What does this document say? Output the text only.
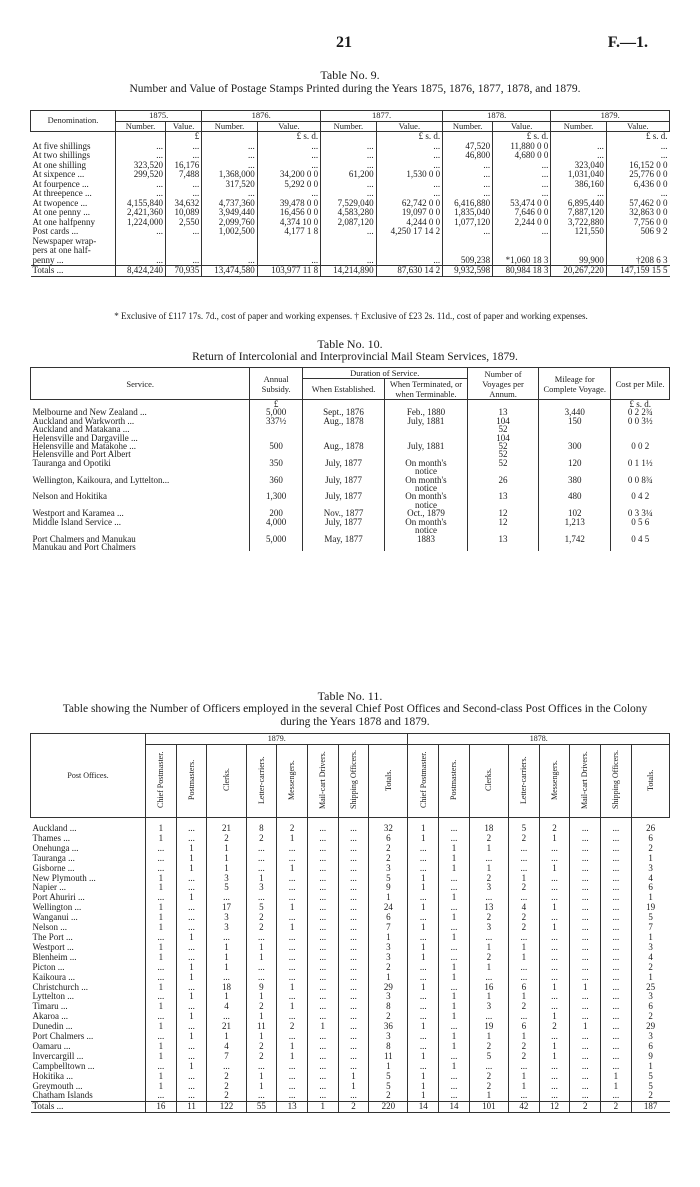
21	F.—1.
Table No. 9.
Number and Value of Postage Stamps Printed during the Years 1875, 1876, 1877, 1878, and 1879.
Denomination.	1875.		1876.		1877.		1878.		1879.	
	Number.	Value.	Number.	Value.	Number.	Value.	Number.	Value.	Number.	Value.
		£		£ s. d.		£ s. d.		£ s. d.		£ s. d.
At five shillings	...	...	...	...	...	...	47,520	11,880 0 0	...	...
At two shillings	...	...	...	...	...	...	46,800	4,680 0 0	...	...
At one shilling	323,520	16,176	...	...	...	...	...	...	323,040	16,152 0 0
At sixpence ...	299,520	7,488	1,368,000	34,200 0 0	61,200	1,530 0 0	...	...	1,031,040	25,776 0 0
At fourpence ...	...	...	317,520	5,292 0 0	...	...	...	...	386,160	6,436 0 0
At threepence ...	...	...	...	...	...	...	...	...	...	...
At twopence ...	4,155,840	34,632	4,737,360	39,478 0 0	7,529,040	62,742 0 0	6,416,880	53,474 0 0	6,895,440	57,462 0 0
At one penny ...	2,421,360	10,089	3,949,440	16,456 0 0	4,583,280	19,097 0 0	1,835,040	7,646 0 0	7,887,120	32,863 0 0
At one halfpenny	1,224,000	2,550	2,099,760	4,374 10 0	2,087,120	4,244 0 0	1,077,120	2,244 0 0	3,722,880	7,756 0 0
Post cards ...	...	...	1,002,500	4,177 1 8	...	4,250 17 14 2	...	...	121,550	506 9 2
Newspaper wrap-										
pers at one half-										
penny ...	...	...	...	...	...	...	509,238	*1,060 18 3	99,900	†208 6 3
Totals ...	8,424,240	70,935	13,474,580	103,977 11 8	14,214,890	87,630 14 2	9,932,598	80,984 18 3	20,267,220	147,159 15 5
* Exclusive of £117 17s. 7d., cost of paper and working expenses. † Exclusive of £23 2s. 11d., cost of paper and working expenses.
Table No. 10.
Return of Intercolonial and Interprovincial Mail Steam Services, 1879.
Service.	Annual Subsidy.	Duration of Service.		Number of Voyages per Annum.	Mileage for Complete Voyage.	Cost per Mile.
		When Established.	When Terminated, or when Terminable.			
	£					£ s. d.
Melbourne and New Zealand ...	5,000	Sept., 1876	Feb., 1880	13	3,440	0 2 2¾
Auckland and Warkworth ...	337½	Aug., 1878	July, 1881	104	150	0 0 3½
Auckland and Matakana ...				52		
Helensville and Dargaville ...				104		
Helensville and Matakohe ...	500	Aug., 1878	July, 1881	52	300	0 0 2
Helensville and Port Albert				52		
Tauranga and Opotiki	350	July, 1877	On month's	52	120	0 1 1½
			notice			
Wellington, Kaikoura, and Lyttelton...	360	July, 1877	On month's	26	380	0 0 8¾
			notice			
Nelson and Hokitika	1,300	July, 1877	On month's	13	480	0 4 2
			notice			
Westport and Karamea ...	200	Nov., 1877	Oct., 1879	12	102	0 3 3¼
Middle Island Service ...	4,000	July, 1877	On month's	12	1,213	0 5 6
			notice			
Port Chalmers and Manukau	5,000	May, 1877	1883	13	1,742	0 4 5
Manukau and Port Chalmers						
Table No. 11.
Table showing the Number of Officers employed in the several Chief Post Offices and Second-class Post Offices in the Colony during the Years 1878 and 1879.
Post Offices.	1879.								1878.							
	Chief Postmaster.	Postmasters.	Clerks.	Letter-carriers.	Messengers.	Mail-cart Drivers.	Shipping Officers.	Totals.	Chief Postmaster.	Postmasters.	Clerks.	Letter-carriers.	Messengers.	Mail-cart Drivers.	Shipping Officers.	Totals.

Auckland ...	1	...	21	8	2	...	...	32	1	...	18	5	2	...	...	26
Thames ...	1	...	2	2	1	...	...	6	1	...	2	2	1	...	...	6
Onehunga ...	...	1	1	...	...	...	...	2	...	1	1	...	...	...	...	2
Tauranga ...	...	1	1	...	...	...	...	2	...	1	...	...	...	...	...	1
Gisborne ...	...	1	1	...	1	...	...	3	...	1	1	...	1	...	...	3
New Plymouth ...	1	...	3	1	...	...	...	5	1	...	2	1	...	...	...	4
Napier ...	1	...	5	3	...	...	...	9	1	...	3	2	...	...	...	6
Port Ahuriri ...	...	1	...	...	...	...	...	1	...	1	...	...	...	...	...	1
Wellington ...	1	...	17	5	1	...	...	24	1	...	13	4	1	...	...	19
Wanganui ...	1	...	3	2	...	...	...	6	...	1	2	2	...	...	...	5
Nelson ...	1	...	3	2	1	...	...	7	1	...	3	2	1	...	...	7
The Port ...	...	1	...	...	...	...	...	1	...	1	...	...	...	...	...	1
Westport ...	1	...	1	1	...	...	...	3	1	...	1	1	...	...	...	3
Blenheim ...	1	...	1	1	...	...	...	3	1	...	2	1	...	...	...	4
Picton ...	...	1	1	...	...	...	...	2	...	1	1	...	...	...	...	2
Kaikoura ...	...	1	...	...	...	...	...	1	...	1	...	...	...	...	...	1
Christchurch ...	1	...	18	9	1	...	...	29	1	...	16	6	1	1	...	25
Lyttelton ...	...	1	1	1	...	...	...	3	...	1	1	1	...	...	...	3
Timaru ...	1	...	4	2	1	...	...	8	...	1	3	2	...	...	...	6
Akaroa ...	...	1	...	1	...	...	...	2	...	1	...	...	1	...	...	2
Dunedin ...	1	...	21	11	2	1	...	36	1	...	19	6	2	1	...	29
Port Chalmers ...	...	1	1	1	...	...	...	3	...	1	1	1	...	...	...	3
Oamaru ...	1	...	4	2	1	...	...	8	...	1	2	2	1	...	...	6
Invercargill ...	1	...	7	2	1	...	...	11	1	...	5	2	1	...	...	9
Campbelltown ...	...	1	...	...	...	...	...	1	...	1	...	...	...	...	...	1
Hokitika ...	1	...	2	1	...	...	1	5	1	...	2	1	...	...	1	5
Greymouth ...	1	...	2	1	...	...	1	5	1	...	2	1	...	...	1	5
Chatham Islands	...	...	2	...	...	...	...	2	1	...	1	...	...	...	...	2
Totals ...	16	11	122	55	13	1	2	220	14	14	101	42	12	2	2	187
